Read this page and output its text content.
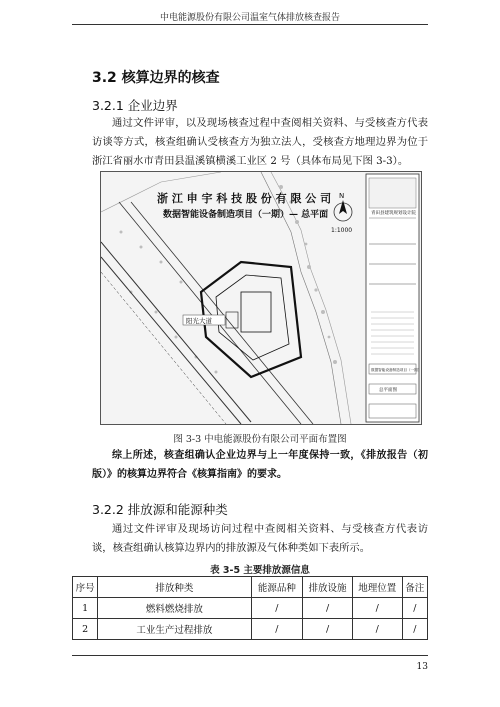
中电能源股份有限公司温室气体排放核查报告
3.2 核算边界的核查
3.2.1 企业边界
通过文件评审，以及现场核查过程中查阅相关资料、与受核查方代表访谈等方式，核查组确认受核查方为独立法人，受核查方地理边界为位于浙江省丽水市青田县温溪镇横溪工业区 2 号（具体布局见下图 3-3）。
浙 江 申 宇 科 技 股 份 有 限 公 司
数据智能设备制造项目（一期）— 总平面
N
1:1000
阳光大道
青田县建筑规划设计院
数据智能设备制造项目（一期）
总平面图
图 3-3 中电能源股份有限公司平面布置图
综上所述，核查组确认企业边界与上一年度保持一致，《排放报告（初版）》的核算边界符合《核算指南》的要求。
3.2.2 排放源和能源种类
通过文件评审及现场访问过程中查阅相关资料、与受核查方代表访谈，核查组确认核算边界内的排放源及气体种类如下表所示。
表 3-5 主要排放源信息
序号	排放种类	能源品种	排放设施	地理位置	备注
1	燃料燃烧排放	/	/	/	/
2	工业生产过程排放	/	/	/	/
13
